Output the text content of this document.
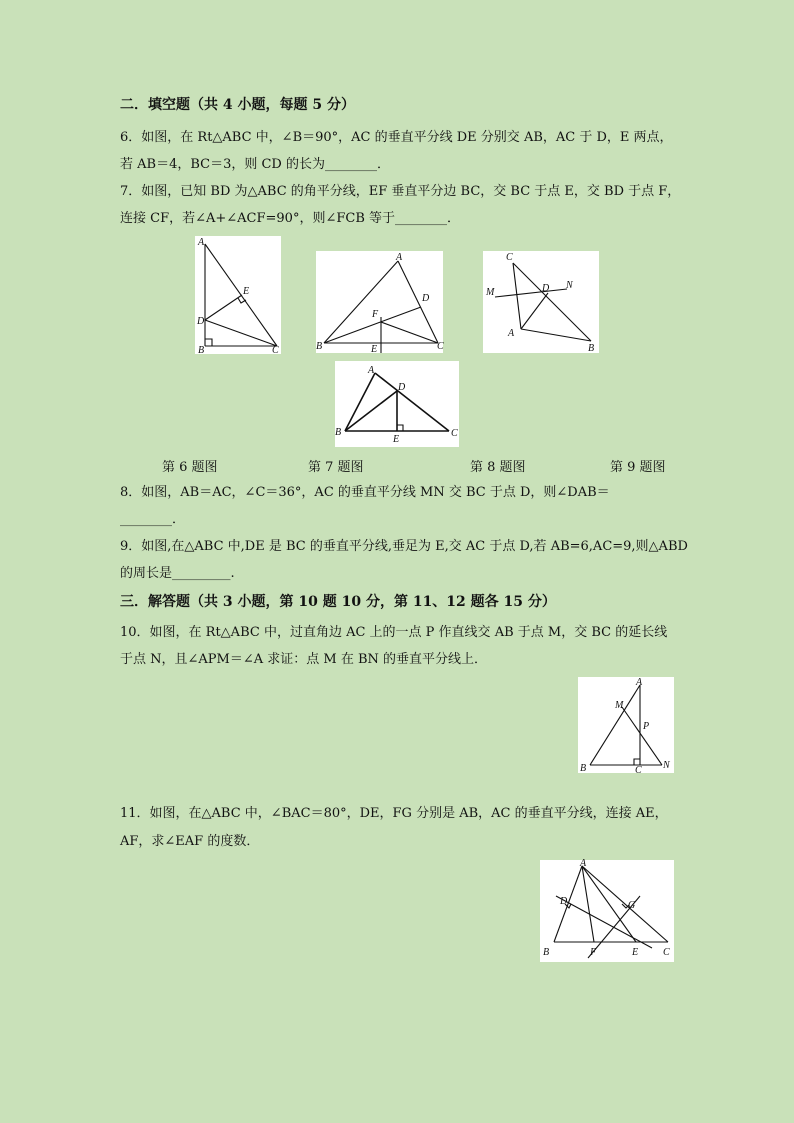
二．填空题（共 4 小题，每题 5 分）
6．如图，在 Rt△ABC 中，∠B＝90°，AC 的垂直平分线 DE 分别交 AB，AC 于 D，E 两点，
若 AB＝4，BC＝3，则 CD 的长为________．
7．如图，已知 BD 为△ABC 的角平分线，EF 垂直平分边 BC，交 BC 于点 E，交 BD 于点 F，
连接 CF，若∠A+∠ACF=90°，则∠FCB 等于________．
A
B	C
D
E
A
B	C
D
E
F
C
M	D N
A
B
A
B	C
D
E
第 6 题图	第 7 题图	第 8 题图	第 9 题图
8．如图，AB＝AC，∠C＝36°，AC 的垂直平分线 MN 交 BC 于点 D，则∠DAB＝
________．
9．如图,在△ABC 中,DE 是 BC 的垂直平分线,垂足为 E,交 AC 于点 D,若 AB=6,AC=9,则△ABD
的周长是_________.
三．解答题（共 3 小题，第 10 题 10 分，第 11、12 题各 15 分）
10．如图，在 Rt△ABC 中，过直角边 AC 上的一点 P 作直线交 AB 于点 M，交 BC 的延长线
于点 N，且∠APM＝∠A 求证：点 M 在 BN 的垂直平分线上．
A
M
P
B	C N
11．如图，在△ABC 中，∠BAC＝80°，DE，FG 分别是 AB，AC 的垂直平分线，连接 AE，
AF，求∠EAF 的度数．
A
D	G
B	F	E C
